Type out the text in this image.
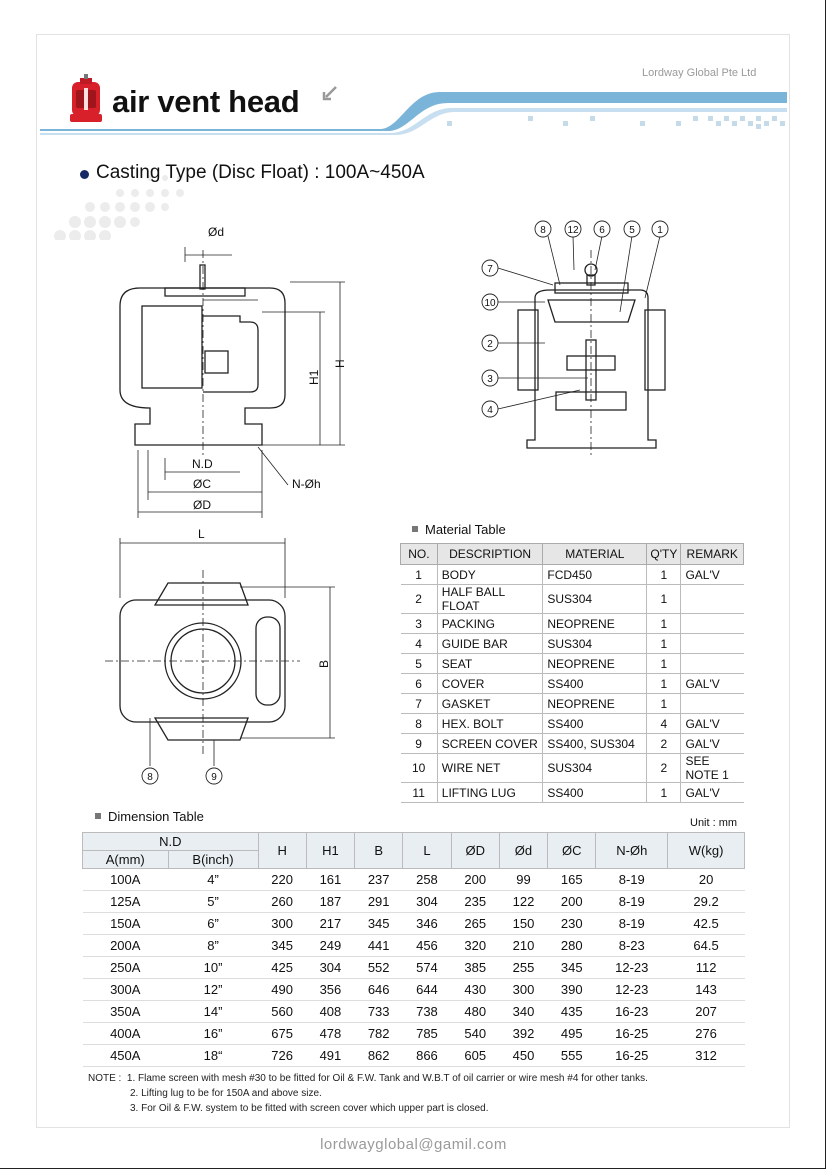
Lordway Global Pte Ltd
air vent head
Casting Type (Disc Float) : 100A~450A
Ød
H
H1
N.D
ØC
ØD
N-Øh
L
B
8 12 6 5 1
7
10
2
3
4
8	9
Material Table
NO.	DESCRIPTION	MATERIAL	Q'TY	REMARK
1	BODY	FCD450	1	GAL'V
2	HALF BALL FLOAT	SUS304	1	
3	PACKING	NEOPRENE	1	
4	GUIDE BAR	SUS304	1	
5	SEAT	NEOPRENE	1	
6	COVER	SS400	1	GAL'V
7	GASKET	NEOPRENE	1	
8	HEX. BOLT	SS400	4	GAL'V
9	SCREEN COVER	SS400, SUS304	2	GAL'V
10	WIRE NET	SUS304	2	SEE NOTE 1
11	LIFTING LUG	SS400	1	GAL'V
Dimension Table	Unit : mm
N.D		H	H1	B	L	ØD	Ød	ØC	N-Øh	W(kg)
A(mm)	B(inch)									
100A	4”	220	161	237	258	200	99	165	8-19	20
125A	5”	260	187	291	304	235	122	200	8-19	29.2
150A	6”	300	217	345	346	265	150	230	8-19	42.5
200A	8”	345	249	441	456	320	210	280	8-23	64.5
250A	10”	425	304	552	574	385	255	345	12-23	112
300A	12”	490	356	646	644	430	300	390	12-23	143
350A	14”	560	408	733	738	480	340	435	16-23	207
400A	16”	675	478	782	785	540	392	495	16-25	276
450A	18“	726	491	862	866	605	450	555	16-25	312
NOTE : 1. Flame screen with mesh #30 to be fitted for Oil & F.W. Tank and W.B.T of oil carrier or wire mesh #4 for other tanks.
2. Lifting lug to be for 150A and above size.
3. For Oil & F.W. system to be fitted with screen cover which upper part is closed.
lordwayglobal@gamil.com
